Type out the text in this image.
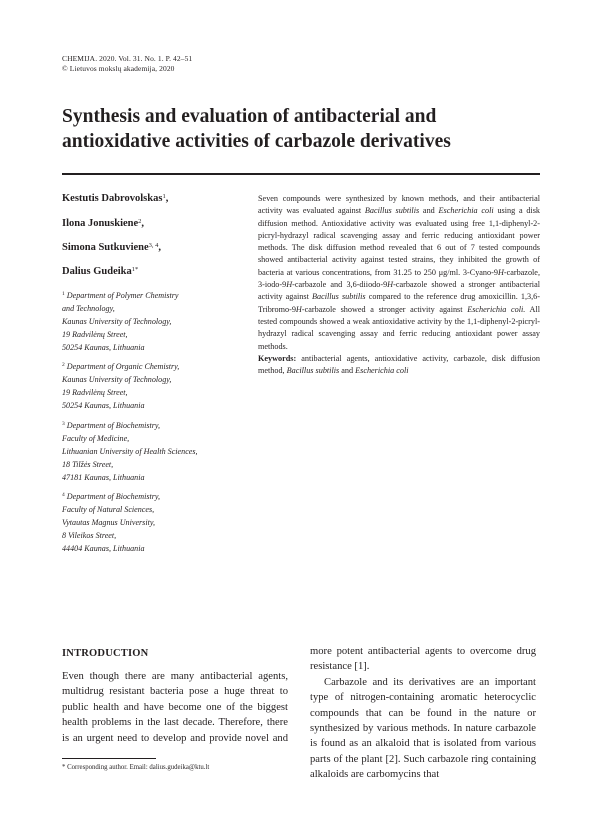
CHEMIJA. 2020. Vol. 31. No. 1. P. 42–51
© Lietuvos mokslų akademija, 2020
Synthesis and evaluation of antibacterial and
antioxidative activities of carbazole derivatives
Kestutis Dabrovolskas$^1$,
Ilona Jonuskiene$^2$,
Simona Sutkuviene$^{3, 4}$,
Dalius Gudeika$^{1*}$
$^1$ Department of Polymer Chemistry
and Technology,
Kaunas University of Technology,
19 Radvilėnų Street,
50254 Kaunas, Lithuania
$^2$ Department of Organic Chemistry,
Kaunas University of Technology,
19 Radvilėnų Street,
50254 Kaunas, Lithuania
$^3$ Department of Biochemistry,
Faculty of Medicine,
Lithuanian University of Health Sciences,
18 Tilžės Street,
47181 Kaunas, Lithuania
$^4$ Department of Biochemistry,
Faculty of Natural Sciences,
Vytautas Magnus University,
8 Vileikos Street,
44404 Kaunas, Lithuania
Seven compounds were synthesized by known methods, and their antibacterial activity was evaluated against Bacillus subtilis and Escherichia coli using a disk diffusion method. Antioxidative activity was evaluated using free 1,1-diphenyl-2-picryl-hydrazyl radical scavenging assay and ferric reducing antioxidant power methods. The disk diffusion method revealed that 6 out of 7 tested compounds showed antibacterial activity against tested strains, they inhibited the growth of bacteria at various concentrations, from 31.25 to 250 μg/ml. 3-Cyano-9H-carbazole, 3-iodo-9H-carbazole and 3,6-diiodo-9H-carbazole showed a stronger antibacterial activity against Bacillus subtilis compared to the reference drug amoxicillin. 1,3,6-Tribromo-9H-carbazole showed a stronger activity against Escherichia coli. All tested compounds showed a weak antioxidative activity by the 1,1-diphenyl-2-picryl-hydrazyl radical scavenging assay and ferric reducing antioxidant power assay methods.
Keywords: antibacterial agents, antioxidative activity, carbazole, disk diffusion method, Bacillus subtilis and Escherichia coli
INTRODUCTION

Even though there are many antibacterial agents, multidrug resistant bacteria pose a huge threat to public health and have become one of the biggest health problems in the last decade. Therefore, there is an urgent need to develop and provide novel and

more potent antibacterial agents to overcome drug resistance [1].

Carbazole and its derivatives are an important type of nitrogen-containing aromatic heterocyclic compounds that can be found in the nature or synthesized by various methods. In nature carbazole is found as an alkaloid that is isolated from various parts of the plant [2]. Such carbazole ring containing alkaloids are carbomycins that

* Corresponding author. Email: dalius.gudeika@ktu.lt
